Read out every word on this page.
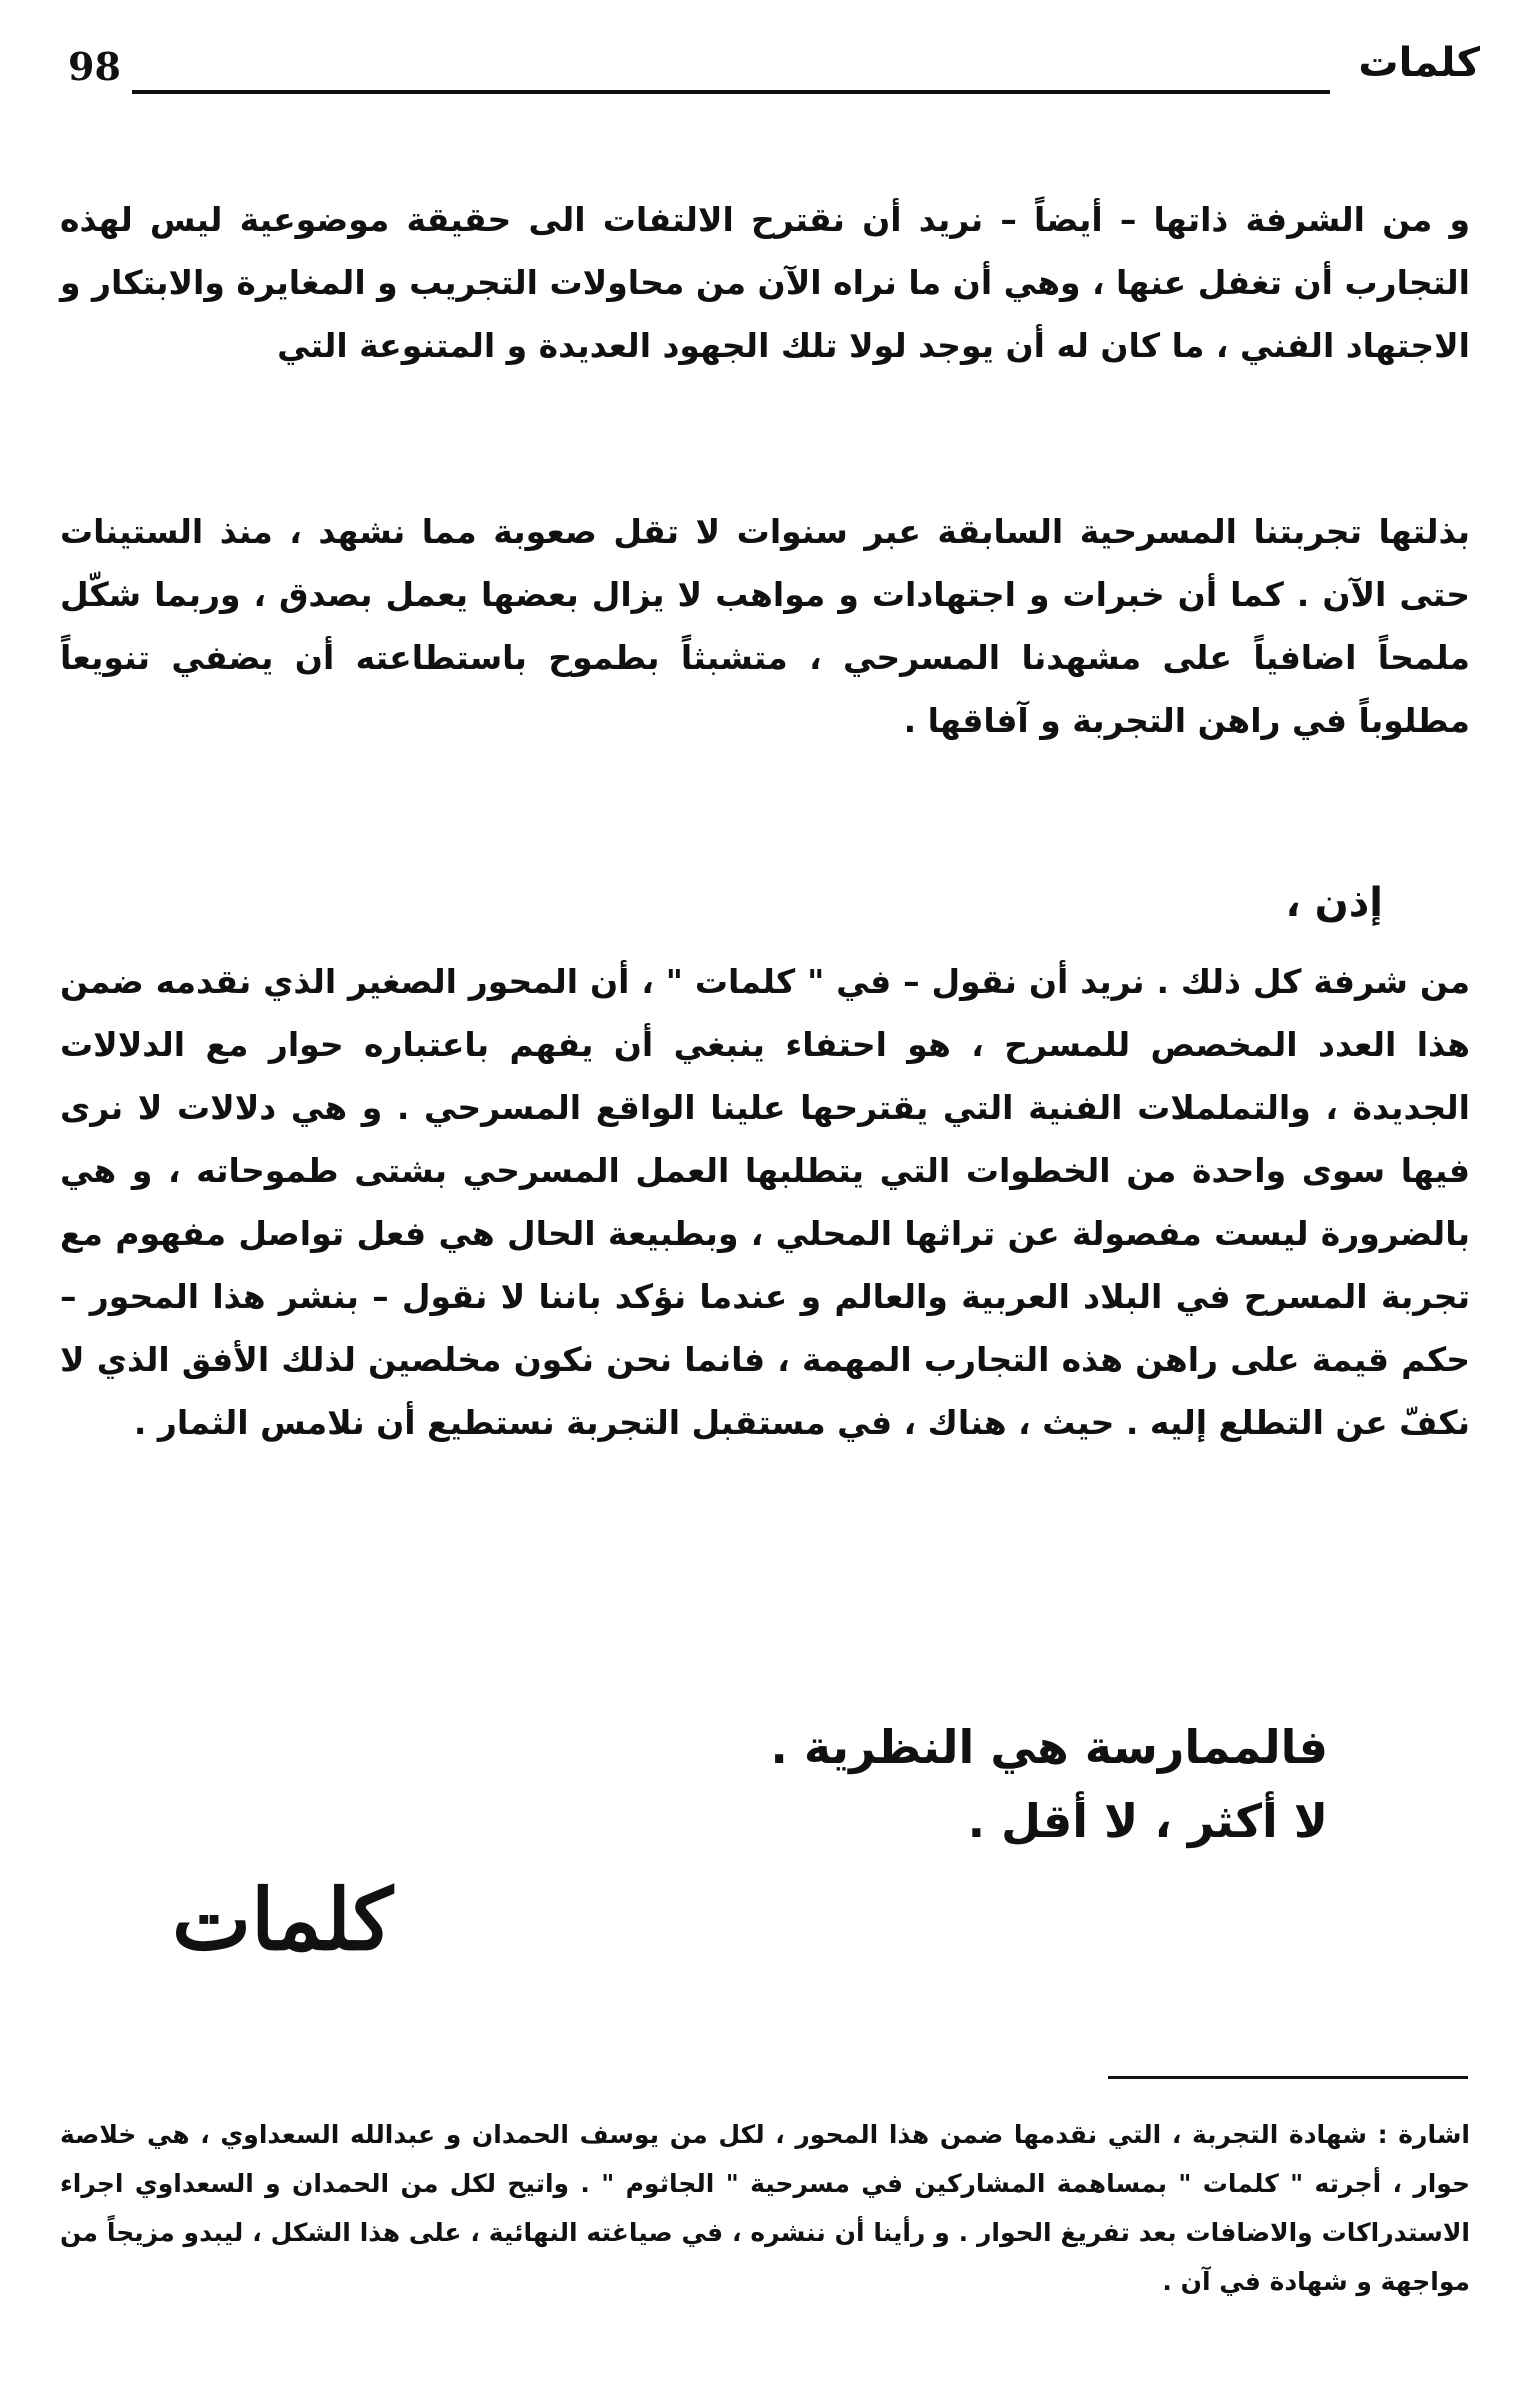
98	كلمات

و من الشرفة ذاتها – أيضاً – نريد أن نقترح الالتفات الى حقيقة موضوعية ليس لهذه التجارب أن تغفل عنها ، وهي أن ما نراه الآن من محاولات التجريب و المغايرة والابتكار و الاجتهاد الفني ، ما كان له أن يوجد لولا تلك الجهود العديدة و المتنوعة التي

بذلتها تجربتنا المسرحية السابقة عبر سنوات لا تقل صعوبة مما نشهد ، منذ الستينات حتى الآن . كما أن خبرات و اجتهادات و مواهب لا يزال بعضها يعمل بصدق ، وربما شكّل ملمحاً اضافياً على مشهدنا المسرحي ، متشبثاً بطموح باستطاعته أن يضفي تنويعاً مطلوباً في راهن التجربة و آفاقها .

إذن ،

من شرفة كل ذلك . نريد أن نقول – في " كلمات " ، أن المحور الصغير الذي نقدمه ضمن هذا العدد المخصص للمسرح ، هو احتفاء ينبغي أن يفهم باعتباره حوار مع الدلالات الجديدة ، والتململات الفنية التي يقترحها علينا الواقع المسرحي . و هي دلالات لا نرى فيها سوى واحدة من الخطوات التي يتطلبها العمل المسرحي بشتى طموحاته ، و هي بالضرورة ليست مفصولة عن تراثها المحلي ، وبطبيعة الحال هي فعل تواصل مفهوم مع تجربة المسرح في البلاد العربية والعالم و عندما نؤكد باننا لا نقول – بنشر هذا المحور – حكم قيمة على راهن هذه التجارب المهمة ، فانما نحن نكون مخلصين لذلك الأفق الذي لا نكفّ عن التطلع إليه . حيث ، هناك ، في مستقبل التجربة نستطيع أن نلامس الثمار .

فالممارسة هي النظرية .
لا أكثر ، لا أقل .
كلمات

اشارة : شهادة التجربة ، التي نقدمها ضمن هذا المحور ، لكل من يوسف الحمدان و عبدالله السعداوي ، هي خلاصة حوار ، أجرته " كلمات " بمساهمة المشاركين في مسرحية " الجاثوم " . واتيح لكل من الحمدان و السعداوي اجراء الاستدراكات والاضافات بعد تفريغ الحوار . و رأينا أن ننشره ، في صياغته النهائية ، على هذا الشكل ، ليبدو مزيجاً من مواجهة و شهادة في آن .
